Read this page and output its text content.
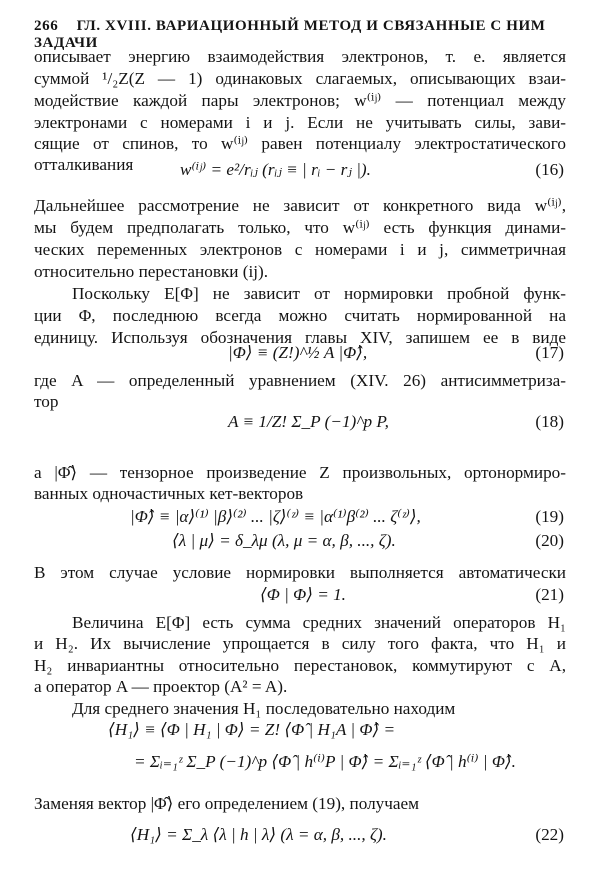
266 ГЛ. XVIII. ВАРИАЦИОННЫЙ МЕТОД И СВЯЗАННЫЕ С НИМ ЗАДАЧИ
описывает энергию взаимодействия электронов, т. е. является
суммой ¹/₂Z(Z — 1) одинаковых слагаемых, описывающих взаи-
модействие каждой пары электронов; w⁽ⁱʲ⁾ — потенциал между
электронами с номерами i и j. Если не учитывать силы, зави-
сящие от спинов, то w⁽ⁱʲ⁾ равен потенциалу электростатического
отталкивания	w⁽ⁱʲ⁾ = e²/rᵢⱼ (rᵢⱼ ≡ | rᵢ − rⱼ |).	(16)
Дальнейшее рассмотрение не зависит от конкретного вида w⁽ⁱʲ⁾,
мы будем предполагать только, что w⁽ⁱʲ⁾ есть функция динами-
ческих переменных электронов с номерами i и j, симметричная
относительно перестановки (ij).
Поскольку E[Φ] не зависит от нормировки пробной функ-
ции Φ, последнюю всегда можно считать нормированной на
единицу. Используя обозначения главы XIV, запишем ее в виде
|Φ⟩ ≡ (Z!)^½ A |Φ̂⟩,	(17)
где A — определенный уравнением (XIV. 26) антисимметриза-
тор
A ≡ 1/Z! Σ_P (−1)^p P,	(18)
а |Φ̂⟩ — тензорное произведение Z произвольных, ортонормиро-
ванных одночастичных кет-векторов
|Φ̂⟩ ≡ |α⟩⁽¹⁾ |β⟩⁽²⁾ ... |ζ⟩⁽ᶻ⁾ ≡ |α⁽¹⁾β⁽²⁾ ... ζ⁽ᶻ⁾⟩,	(19)
⟨λ | μ⟩ = δ_λμ (λ, μ = α, β, ..., ζ).	(20)
В этом случае условие нормировки выполняется автоматически
⟨Φ | Φ⟩ = 1.	(21)
Величина E[Φ] есть сумма средних значений операторов H₁
и H₂. Их вычисление упрощается в силу того факта, что H₁ и
H₂ инвариантны относительно перестановок, коммутируют с A,
а оператор A — проектор (A² = A).
Для среднего значения H₁ последовательно находим
⟨H₁⟩ ≡ ⟨Φ | H₁ | Φ⟩ = Z! ⟨Φ̂ | H₁A | Φ̂⟩ =
= Σᵢ₌₁ᶻ Σ_P (−1)^p ⟨Φ̂ | h⁽ⁱ⁾P | Φ̂⟩ = Σᵢ₌₁ᶻ ⟨Φ̂ | h⁽ⁱ⁾ | Φ̂⟩.
Заменяя вектор |Φ̂⟩ его определением (19), получаем
⟨H₁⟩ = Σ_λ ⟨λ | h | λ⟩ (λ = α, β, ..., ζ).	(22)
